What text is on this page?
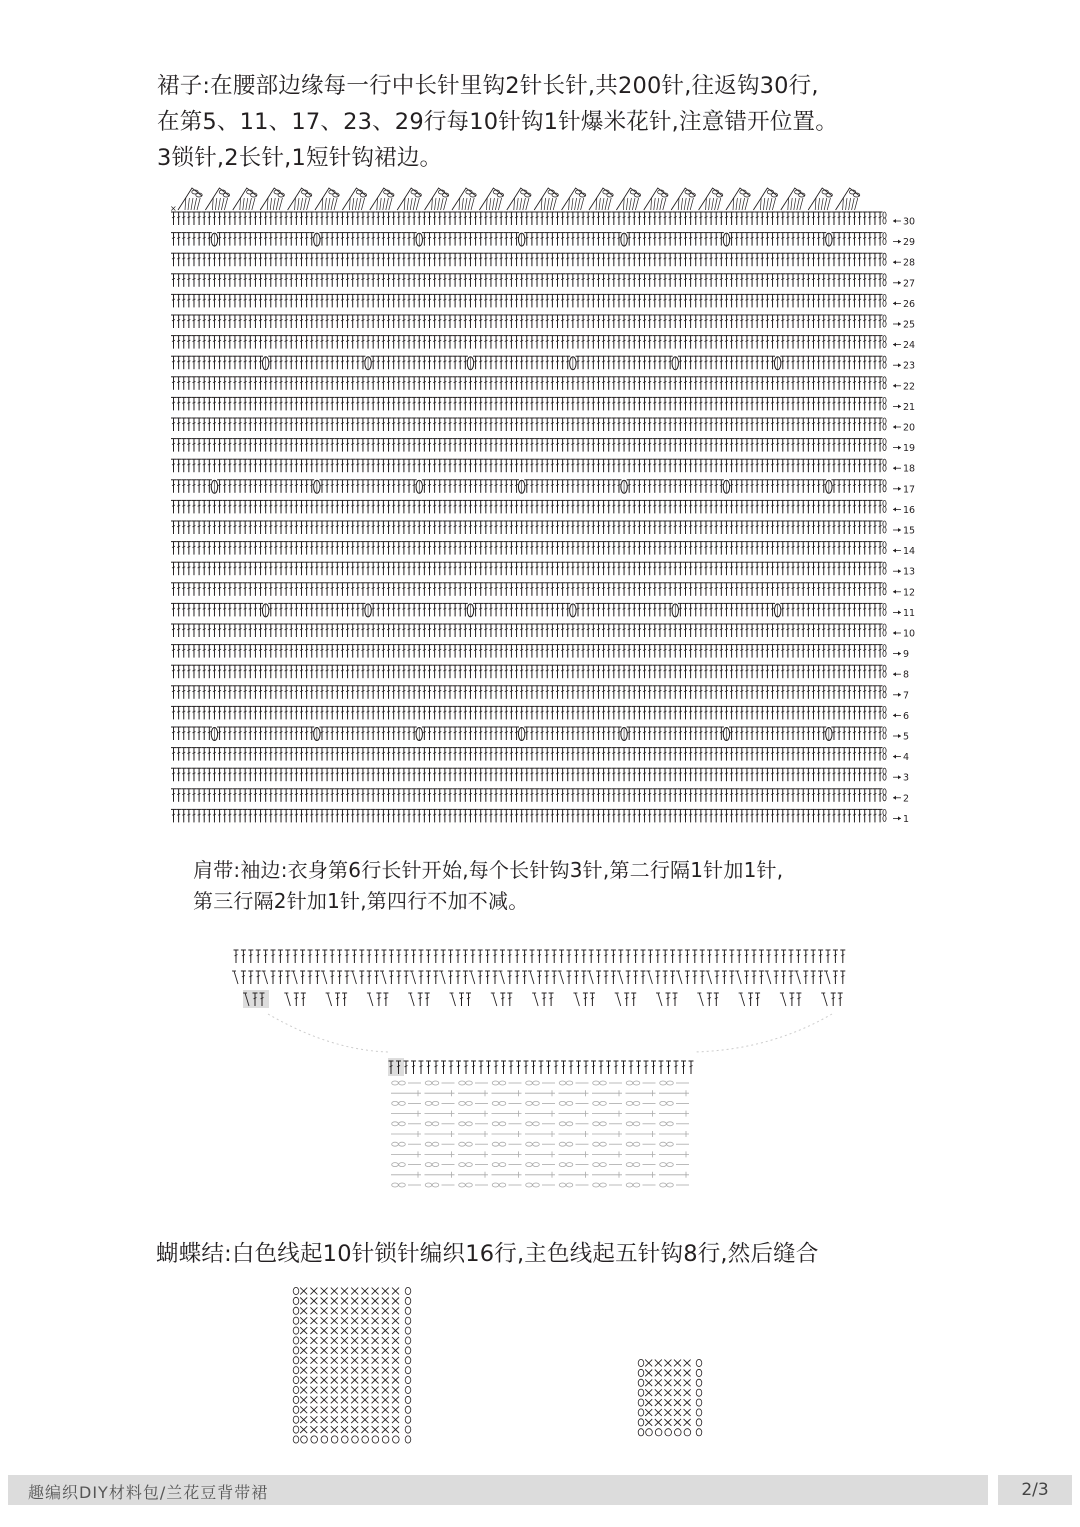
裙子:在腰部边缘每一行中长针里钩2针长针,共200针,往返钩30行,
在第5、11、17、23、29行每10针钩1针爆米花针,注意错开位置。
3锁针,2长针,1短针钩裙边。
×
30
29
28
27
26
25
24
23
22
21
20
19
18
17
16
15
14
13
12
11
10
9
8
7
6
5
4
3
2
1
肩带:袖边:衣身第6行长针开始,每个长针钩3针,第二行隔1针加1针,
第三行隔2针加1针,第四行不加不减。
蝴蝶结:白色线起10针锁针编织16行,主色线起五针钩8行,然后缝合
趣编织DIY材料包/兰花豆背带裙	2/3
